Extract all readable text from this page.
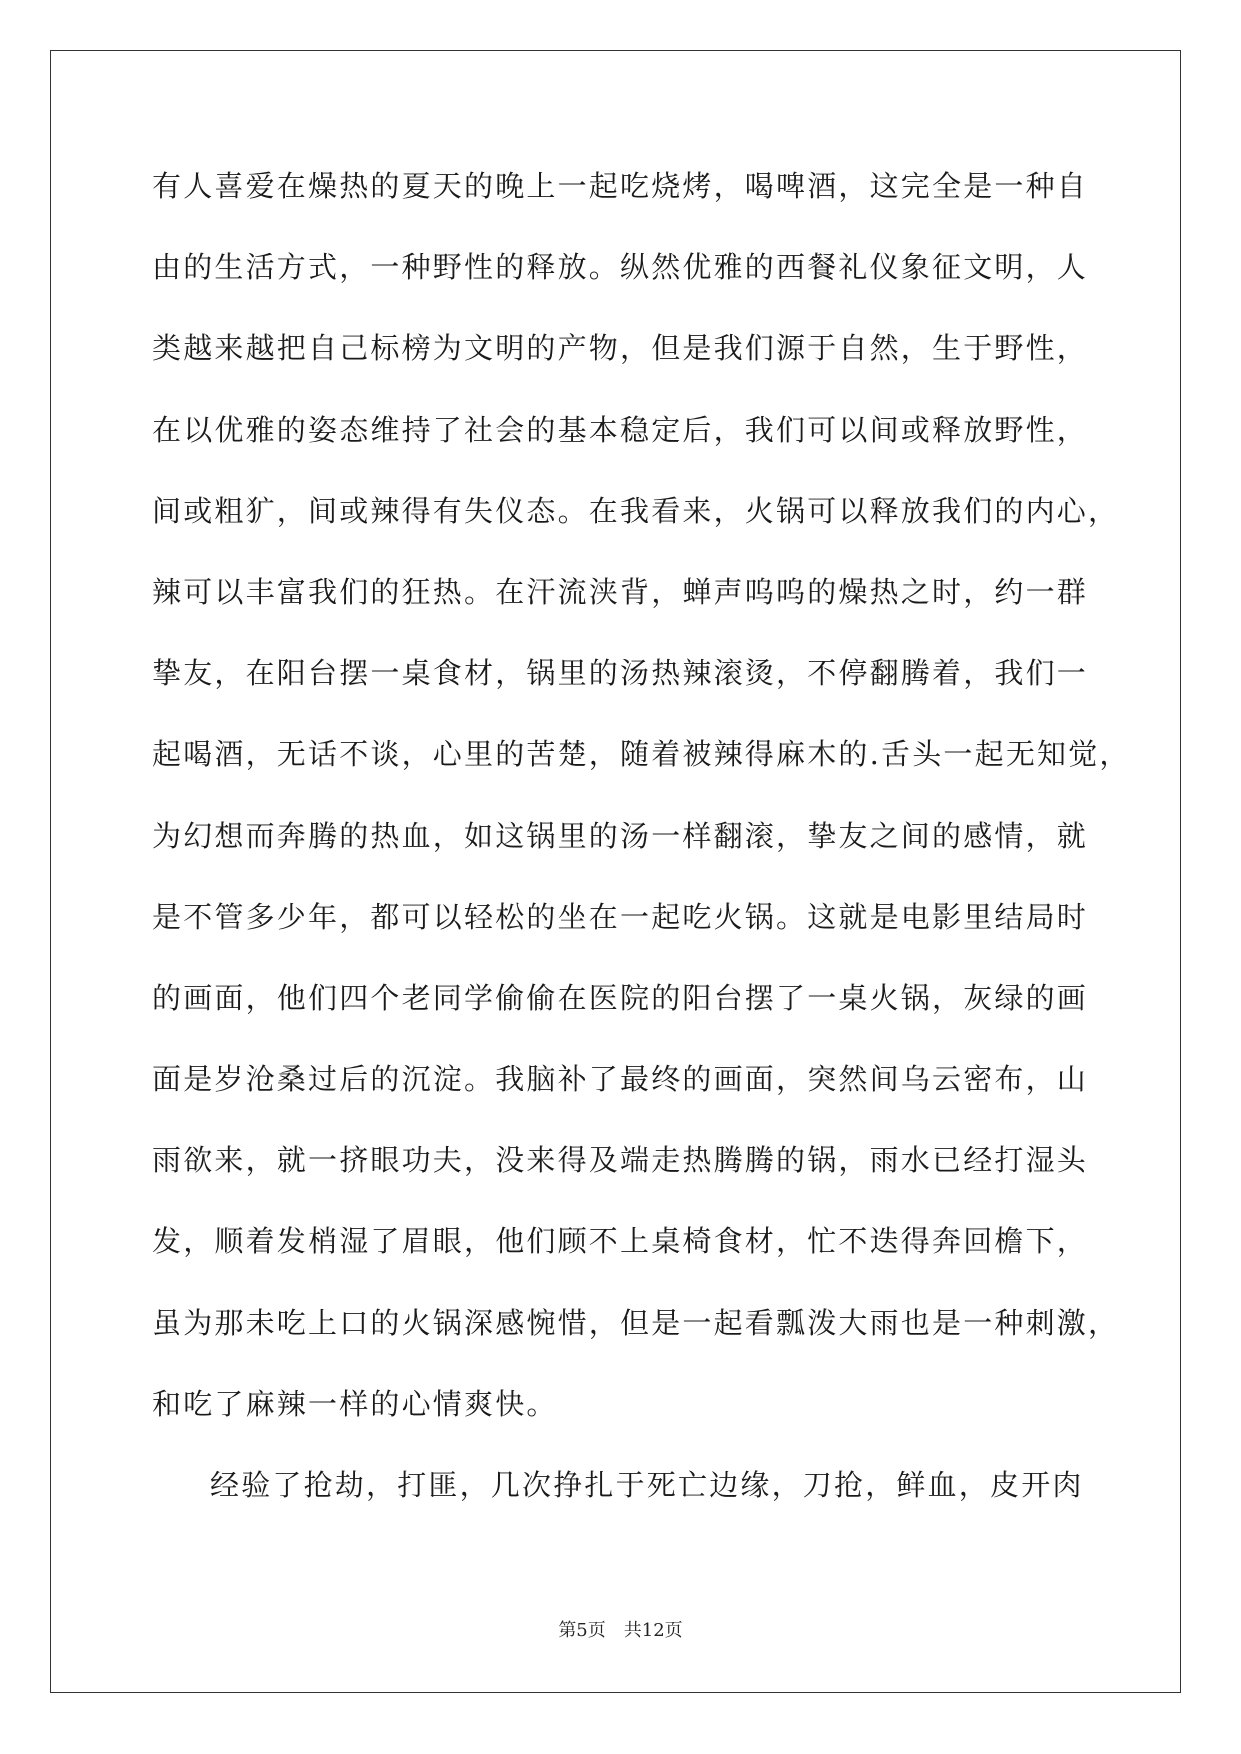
有人喜爱在燥热的夏天的晚上一起吃烧烤，喝啤酒，这完全是一种自
由的生活方式，一种野性的释放。纵然优雅的西餐礼仪象征文明，人
类越来越把自己标榜为文明的产物，但是我们源于自然，生于野性，
在以优雅的姿态维持了社会的基本稳定后，我们可以间或释放野性，
间或粗犷，间或辣得有失仪态。在我看来，火锅可以释放我们的内心，
辣可以丰富我们的狂热。在汗流浃背，蝉声呜呜的燥热之时，约一群
挚友，在阳台摆一桌食材，锅里的汤热辣滚烫，不停翻腾着，我们一
起喝酒，无话不谈，心里的苦楚，随着被辣得麻木的.舌头一起无知觉，
为幻想而奔腾的热血，如这锅里的汤一样翻滚，挚友之间的感情，就
是不管多少年，都可以轻松的坐在一起吃火锅。这就是电影里结局时
的画面，他们四个老同学偷偷在医院的阳台摆了一桌火锅，灰绿的画
面是岁沧桑过后的沉淀。我脑补了最终的画面，突然间乌云密布，山
雨欲来，就一挤眼功夫，没来得及端走热腾腾的锅，雨水已经打湿头
发，顺着发梢湿了眉眼，他们顾不上桌椅食材，忙不迭得奔回檐下，
虽为那未吃上口的火锅深感惋惜，但是一起看瓢泼大雨也是一种刺激，
和吃了麻辣一样的心情爽快。
经验了抢劫，打匪，几次挣扎于死亡边缘，刀抢，鲜血，皮开肉
第5页　共12页
